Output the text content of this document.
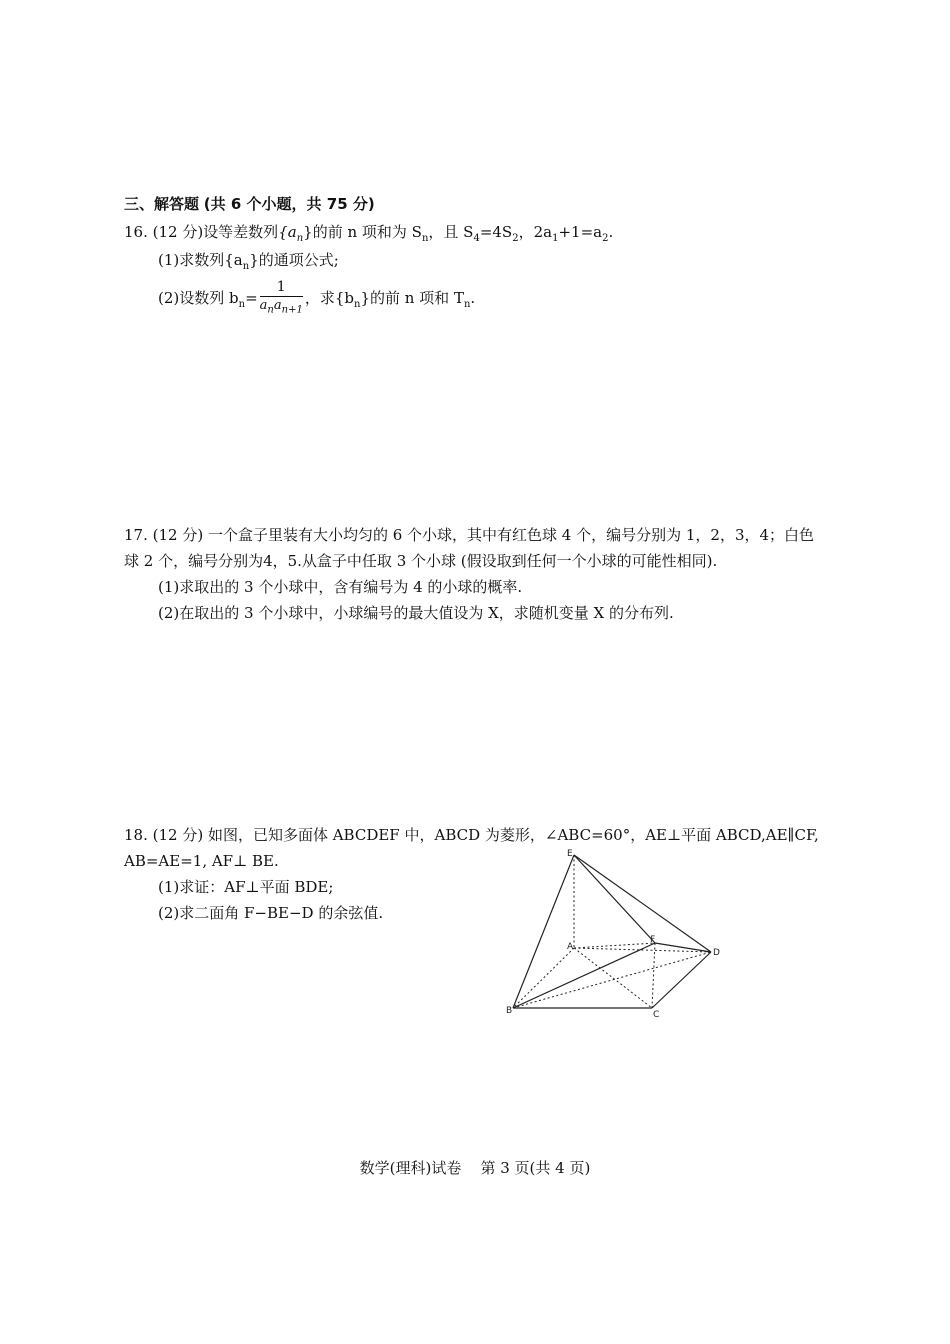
三、解答题 (共 6 个小题，共 75 分)
16. (12 分)设等差数列$\{a_n\}$的前 n 项和为 $S_n$，且 $S_4=4S_2$，$2a_1+1=a_2$.
(1)求数列$\{a_n\}$的通项公式;
(2)设数列 $b_n= \frac{1}{a_na_{n+1}}$ ，求$\{b_n\}$的前 n 项和 $T_n$.
17. (12 分) 一个盒子里装有大小均匀的 6 个小球，其中有红色球 4 个，编号分别为 1，2，3，4；白色
球 2 个，编号分别为4，5.从盒子中任取 3 个小球 (假设取到任何一个小球的可能性相同).
(1)求取出的 3 个小球中，含有编号为 4 的小球的概率.
(2)在取出的 3 个小球中，小球编号的最大值设为 X，求随机变量 X 的分布列.
18. (12 分) 如图，已知多面体 ABCDEF 中，ABCD 为菱形，∠ABC=60°，AE⊥平面 ABCD,AE∥CF,
AB=AE=1, AF⊥ BE.
(1)求证：AF⊥平面 BDE;
(2)求二面角 F−BE−D 的余弦值.
E
A
F
D
B	C
数学(理科)试卷    第 3 页(共 4 页)
